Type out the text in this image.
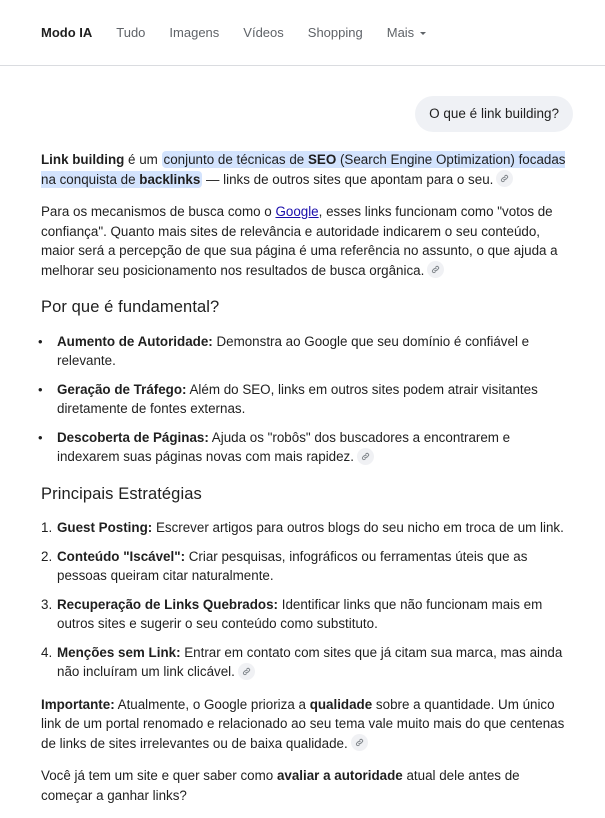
Modo IA Tudo Imagens Vídeos Shopping Mais
O que é link building?

Link building é um conjunto de técnicas de SEO (Search Engine Optimization) focadas na conquista de backlinks — links de outros sites que apontam para o seu.

Para os mecanismos de busca como o Google, esses links funcionam como "votos de confiança". Quanto mais sites de relevância e autoridade indicarem o seu conteúdo, maior será a percepção de que sua página é uma referência no assunto, o que ajuda a melhorar seu posicionamento nos resultados de busca orgânica.

Por que é fundamental?
• Aumento de Autoridade: Demonstra ao Google que seu domínio é confiável e relevante.
• Geração de Tráfego: Além do SEO, links em outros sites podem atrair visitantes diretamente de fontes externas.
• Descoberta de Páginas: Ajuda os "robôs" dos buscadores a encontrarem e indexarem suas páginas novas com mais rapidez.
Principais Estratégias
1. Guest Posting: Escrever artigos para outros blogs do seu nicho em troca de um link.
2. Conteúdo "Iscável": Criar pesquisas, infográficos ou ferramentas úteis que as pessoas queiram citar naturalmente.
3. Recuperação de Links Quebrados: Identificar links que não funcionam mais em outros sites e sugerir o seu conteúdo como substituto.
4. Menções sem Link: Entrar em contato com sites que já citam sua marca, mas ainda não incluíram um link clicável.

Importante: Atualmente, o Google prioriza a qualidade sobre a quantidade. Um único link de um portal renomado e relacionado ao seu tema vale muito mais do que centenas de links de sites irrelevantes ou de baixa qualidade.

Você já tem um site e quer saber como avaliar a autoridade atual dele antes de começar a ganhar links?
